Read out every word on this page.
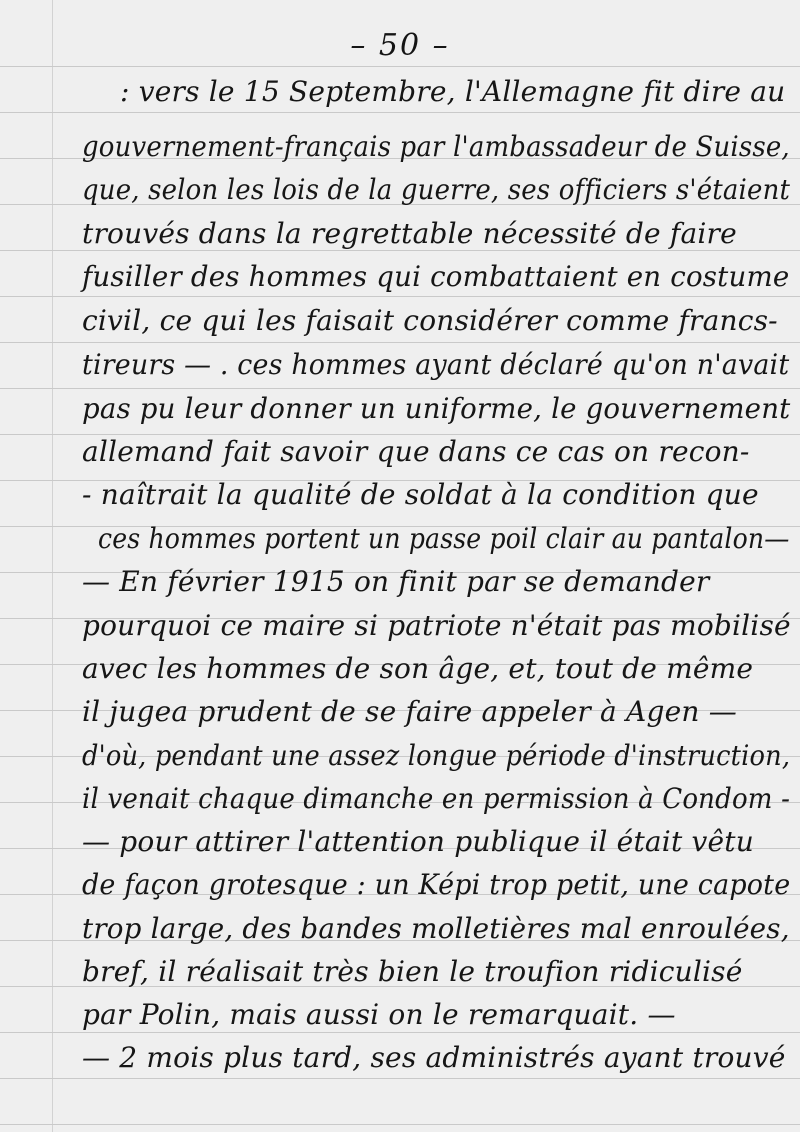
– 50 –
: vers le 15 Septembre, l'Allemagne fit dire au
gouvernement-français par l'ambassadeur de Suisse,
que, selon les lois de la guerre, ses officiers s'étaient
trouvés dans la regrettable nécessité de faire
fusiller des hommes qui combattaient en costume
civil, ce qui les faisait considérer comme francs-
tireurs — . ces hommes ayant déclaré qu'on n'avait
pas pu leur donner un uniforme, le gouvernement
allemand fait savoir que dans ce cas on recon-
- naîtrait la qualité de soldat à la condition que
ces hommes portent un passe poil clair au pantalon—
— En février 1915 on finit par se demander
pourquoi ce maire si patriote n'était pas mobilisé
avec les hommes de son âge, et, tout de même
il jugea prudent de se faire appeler à Agen —
d'où, pendant une assez longue période d'instruction,
il venait chaque dimanche en permission à Condom -
— pour attirer l'attention publique il était vêtu
de façon grotesque : un Képi trop petit, une capote
trop large, des bandes molletières mal enroulées,
bref, il réalisait très bien le troufion ridiculisé
par Polin, mais aussi on le remarquait. —
— 2 mois plus tard, ses administrés ayant trouvé
